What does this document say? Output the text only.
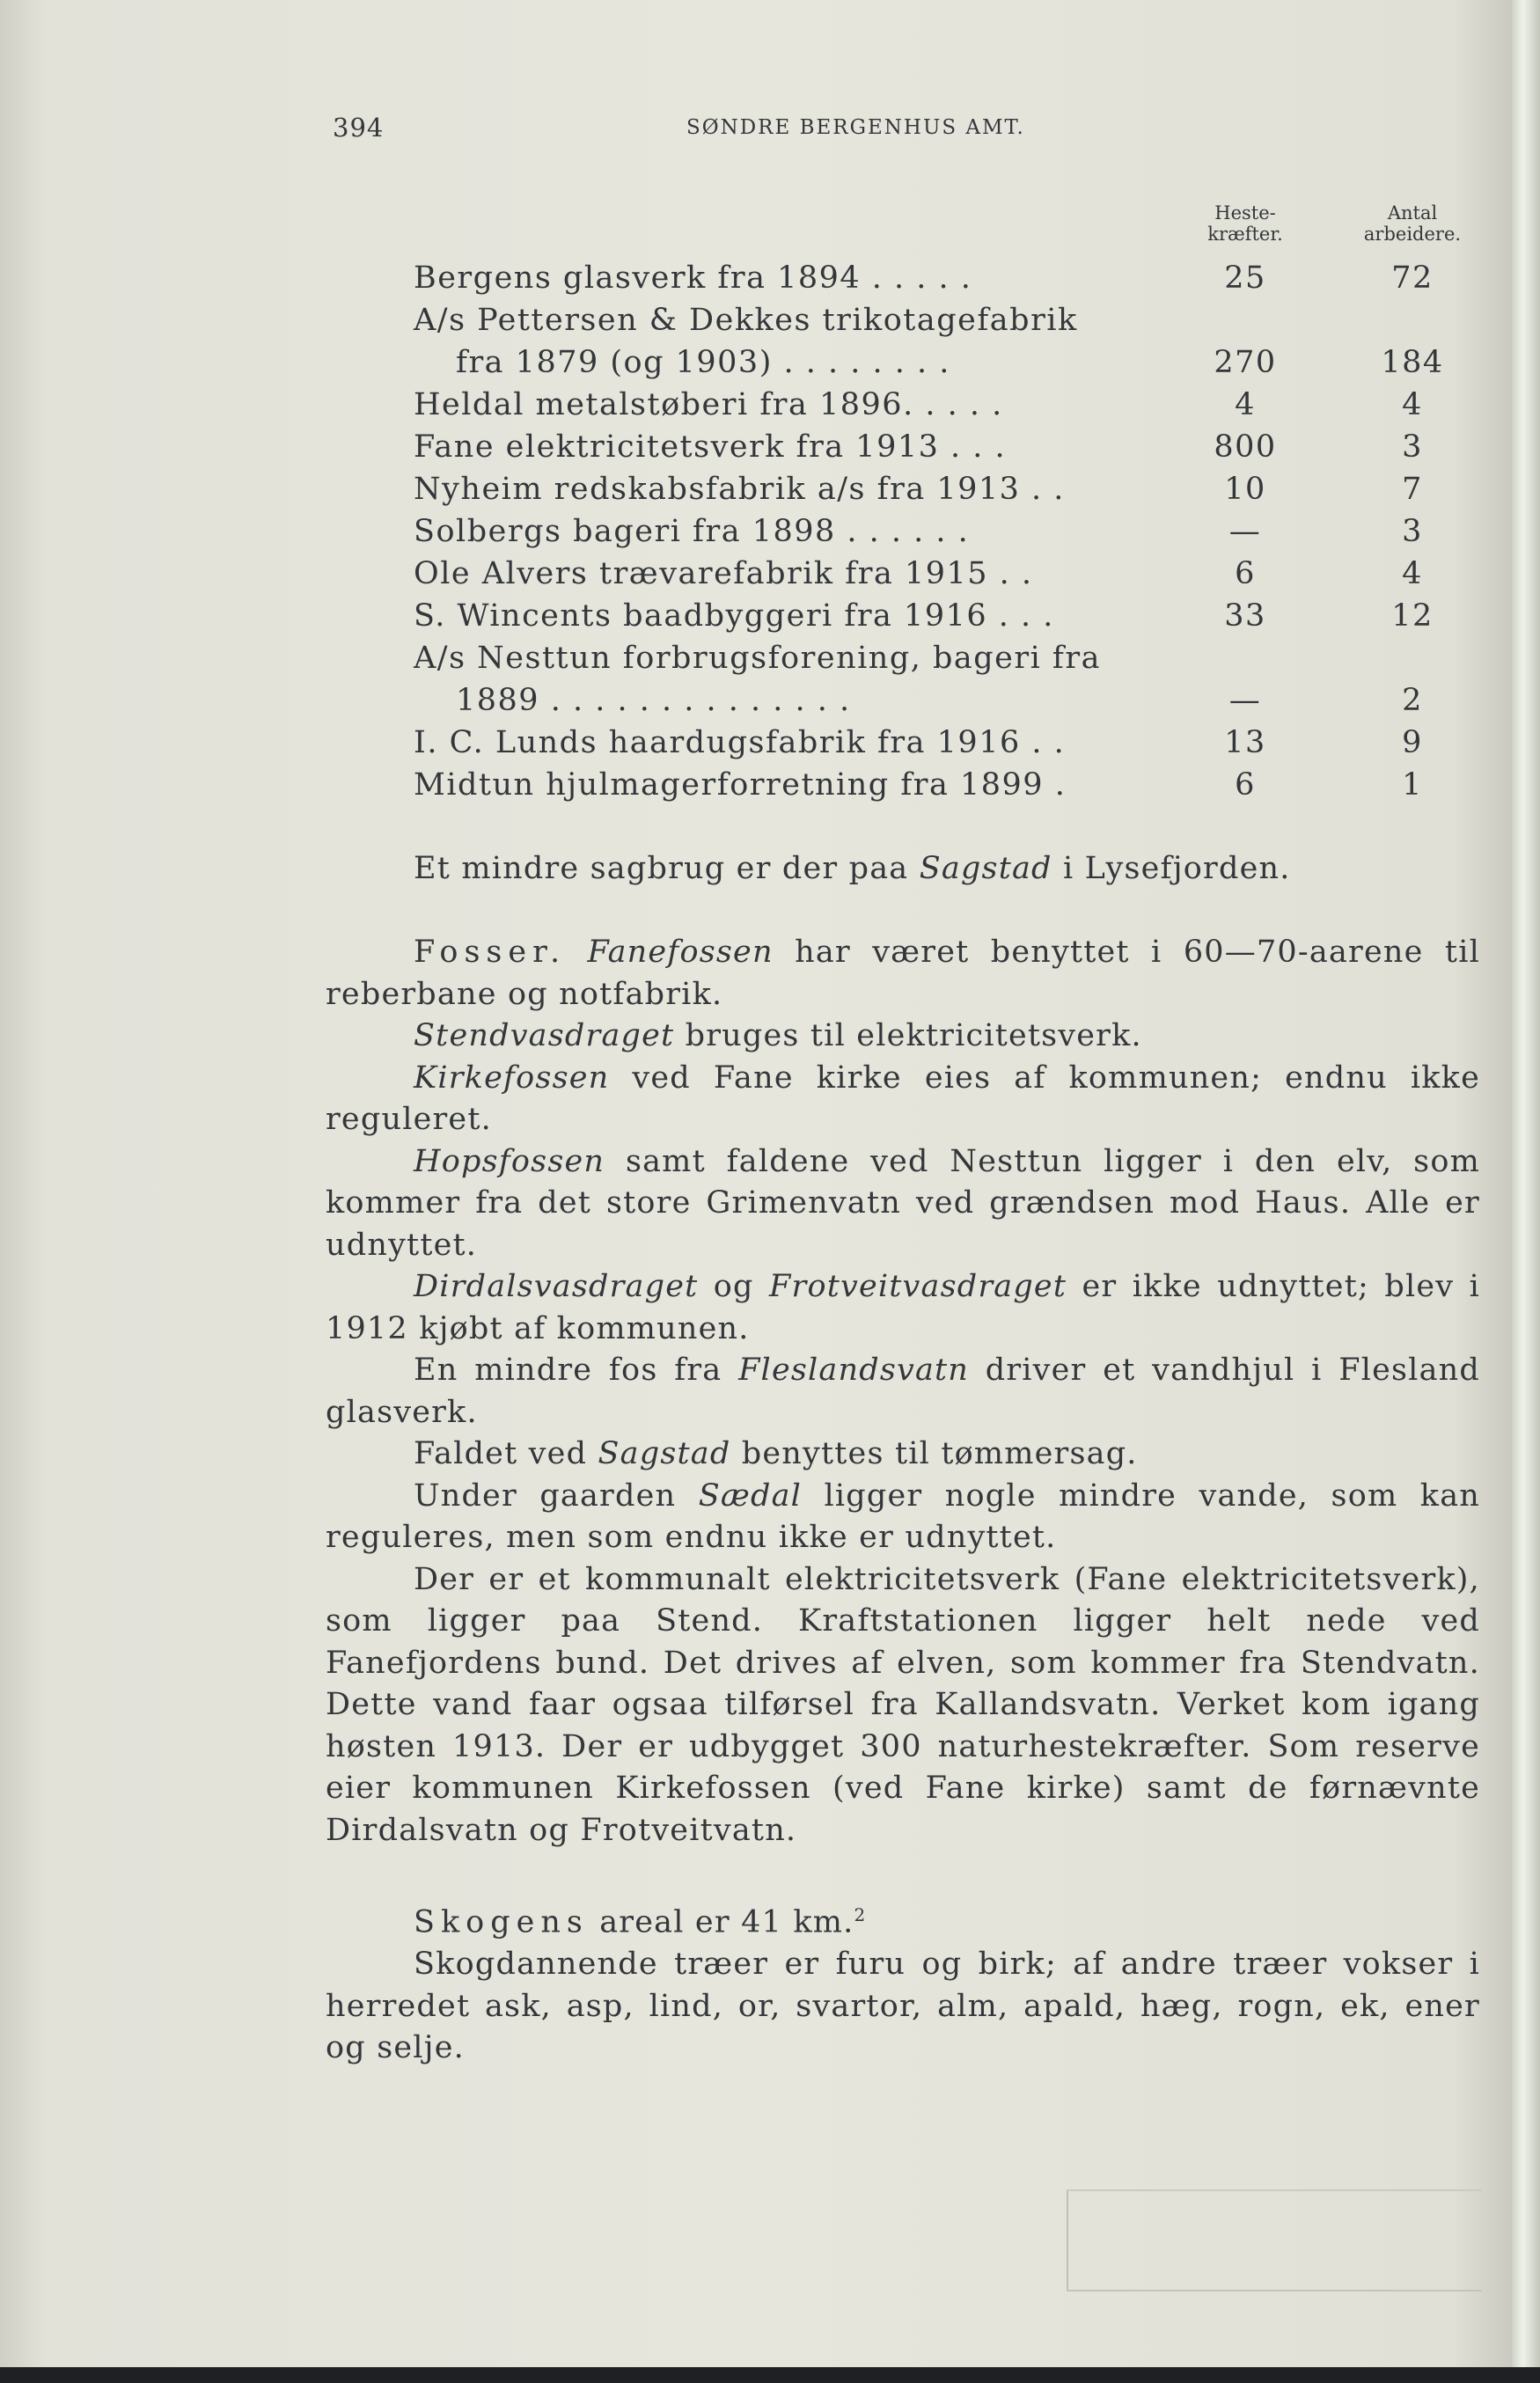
394	SØNDRE BERGENHUS AMT.
Heste-
kræfter.
Antal
arbeidere.
Bergens glasverk fra 1894 . . . . .	25	72
A/s Pettersen & Dekkes trikotagefabrik
fra 1879 (og 1903) . . . . . . . .	270	184
Heldal metalstøberi fra 1896. . . . .	4	4
Fane elektricitetsverk fra 1913 . . .	800	3
Nyheim redskabsfabrik a/s fra 1913 . .	10	7
Solbergs bageri fra 1898 . . . . . .	—	3
Ole Alvers trævarefabrik fra 1915 . .	6	4
S. Wincents baadbyggeri fra 1916 . . .	33	12
A/s Nesttun forbrugsforening, bageri fra
1889 . . . . . . . . . . . . . .	—	2
I. C. Lunds haardugsfabrik fra 1916 . .	13	9
Midtun hjulmagerforretning fra 1899 .	6	1

Et mindre sagbrug er der paa Sagstad i Lysefjorden.

Fosser. Fanefossen har været benyttet i 60—70-aarene til reberbane og notfabrik.

Stendvasdraget bruges til elektricitetsverk.

Kirkefossen ved Fane kirke eies af kommunen; endnu ikke reguleret.

Hopsfossen samt faldene ved Nesttun ligger i den elv, som kommer fra det store Grimenvatn ved grændsen mod Haus. Alle er udnyttet.

Dirdalsvasdraget og Frotveitvasdraget er ikke udnyttet; blev i 1912 kjøbt af kommunen.

En mindre fos fra Fleslandsvatn driver et vandhjul i Flesland glasverk.

Faldet ved Sagstad benyttes til tømmersag.

Under gaarden Sædal ligger nogle mindre vande, som kan reguleres, men som endnu ikke er udnyttet.

Der er et kommunalt elektricitetsverk (Fane elektricitetsverk), som ligger paa Stend. Kraftstationen ligger helt nede ved Fanefjordens bund. Det drives af elven, som kommer fra Stendvatn. Dette vand faar ogsaa tilførsel fra Kallandsvatn. Verket kom igang høsten 1913. Der er udbygget 300 naturhestekræfter. Som reserve eier kommunen Kirkefossen (ved Fane kirke) samt de førnævnte Dirdalsvatn og Frotveitvatn.

Skogens areal er 41 km.$^2$

Skogdannende træer er furu og birk; af andre træer vokser i herredet ask, asp, lind, or, svartor, alm, apald, hæg, rogn, ek, ener og selje.
